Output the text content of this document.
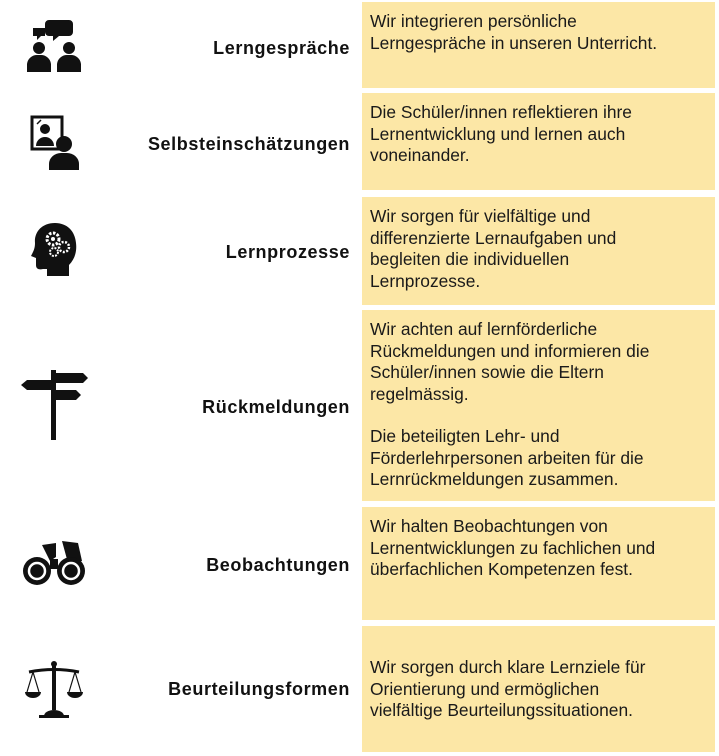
Lerngespräche

Wir integrieren persönliche
Lerngespräche in unseren Unterricht.

Selbsteinschätzungen

Die Schüler/innen reflektieren ihre
Lernentwicklung und lernen auch
voneinander.

Lernprozesse

Wir sorgen für vielfältige und
differenzierte Lernaufgaben und
begleiten die individuellen
Lernprozesse.

Rückmeldungen

Wir achten auf lernförderliche
Rückmeldungen und informieren die
Schüler/innen sowie die Eltern
regelmässig.

Die beteiligten Lehr- und
Förderlehrpersonen arbeiten für die
Lernrückmeldungen zusammen.

Beobachtungen

Wir halten Beobachtungen von
Lernentwicklungen zu fachlichen und
überfachlichen Kompetenzen fest.

Beurteilungsformen

Wir sorgen durch klare Lernziele für
Orientierung und ermöglichen
vielfältige Beurteilungssituationen.
